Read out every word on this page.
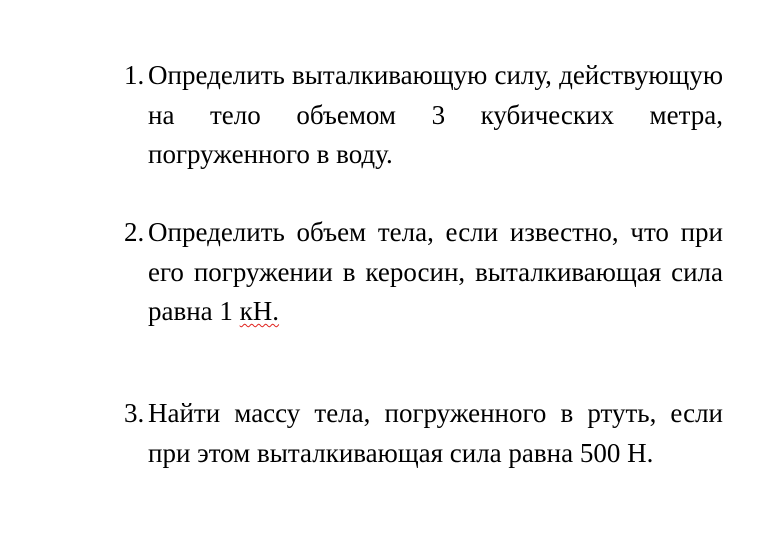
1. Определить выталкивающую силу, действующую на тело объемом 3 кубических метра, погруженного в воду.
2. Определить объем тела, если известно, что при его погружении в керосин, выталкивающая сила равна 1 кН.
3. Найти массу тела, погруженного в ртуть, если при этом выталкивающая сила равна 500 Н.
